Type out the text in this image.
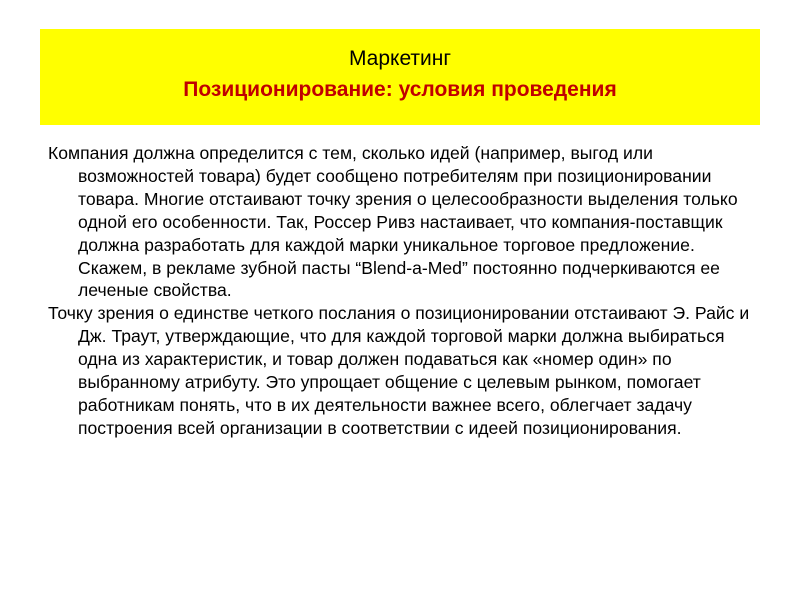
Маркетинг
Позиционирование: условия проведения

Компания должна определится с тем, сколько идей (например, выгод или возможностей товара) будет сообщено потребителям при позиционировании товара. Многие отстаивают точку зрения о целесообразности выделения только одной его особенности. Так, Россер Ривз настаивает, что компания-поставщик должна разработать для каждой марки уникальное торговое предложение. Скажем, в рекламе зубной пасты “Blend-a-Med” постоянно подчеркиваются ее леченые свойства.

Точку зрения о единстве четкого послания о позиционировании отстаивают Э. Райс и Дж. Траут, утверждающие, что для каждой торговой марки должна выбираться одна из характеристик, и товар должен подаваться как «номер один» по выбранному атрибуту. Это упрощает общение с целевым рынком, помогает работникам понять, что в их деятельности важнее всего, облегчает задачу построения всей организации в соответствии с идеей позиционирования.
